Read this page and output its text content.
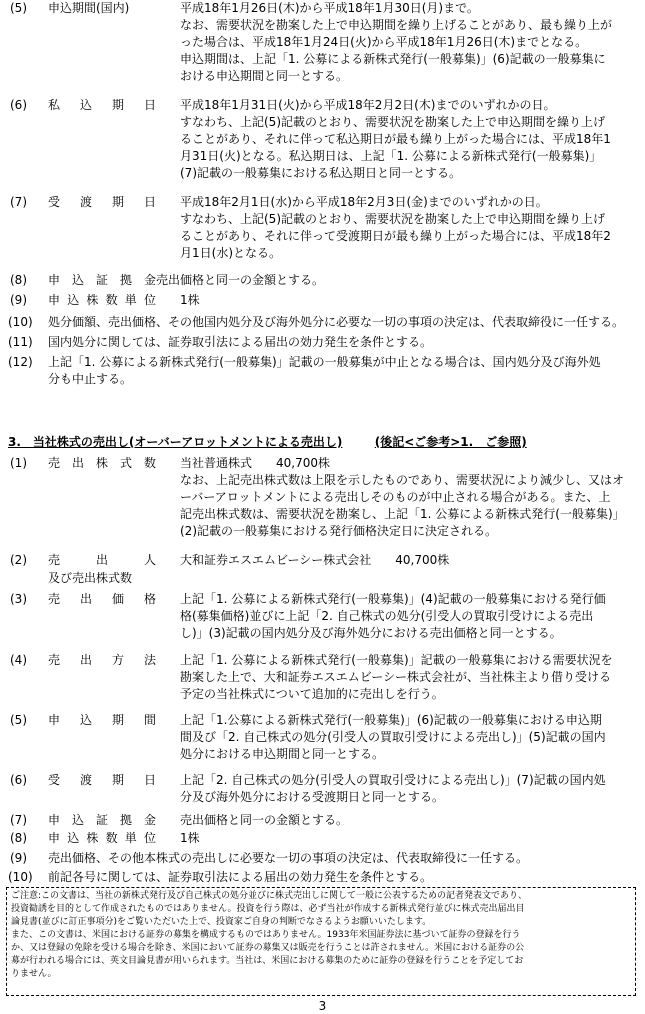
(5) 申込期間(国内)	平成18年1月26日(木)から平成18年1月30日(月)まで。

なお、需要状況を勘案した上で申込期間を繰り上げることがあり、最も繰り上が

った場合は、平成18年1月24日(火)から平成18年1月26日(木)までとなる。

申込期間は、上記「1. 公募による新株式発行(一般募集)」(6)記載の一般募集に

おける申込期間と同一とする。

(6) 私 込 期 日 平成18年1月31日(火)から平成18年2月2日(木)までのいずれかの日。

すなわち、上記(5)記載のとおり、需要状況を勘案した上で申込期間を繰り上げ

ることがあり、それに伴って私込期日が最も繰り上がった場合には、平成18年1

月31日(火)となる。私込期日は、上記「1. 公募による新株式発行(一般募集)」

(7)記載の一般募集における私込期日と同一とする。

(7) 受 渡 期 日 平成18年2月1日(水)から平成18年2月3日(金)までのいずれかの日。

すなわち、上記(5)記載のとおり、需要状況を勘案した上で申込期間を繰り上げ

ることがあり、それに伴って受渡期日が最も繰り上がった場合には、平成18年2

月1日(水)となる。

(8) 申 込 証 拠 金 売出価格と同一の金額とする。

(9) 申 込 株 数 単 位 1株

(10) 処分価額、売出価格、その他国内処分及び海外処分に必要な一切の事項の決定は、代表取締役に一任する。

(11) 国内処分に関しては、証券取引法による届出の効力発生を条件とする。

(12) 上記「1. 公募による新株式発行(一般募集)」記載の一般募集が中止となる場合は、国内処分及び海外処

分も中止する。

3.　当社株式の売出し(オーバーアロットメントによる売出し)	(後記<ご参考>1.　ご参照)
(1) 売 出 株 式 数 当社普通株式　　40,700株

なお、上記売出株式数は上限を示したものであり、需要状況により減少し、又はオ

ーバーアロットメントによる売出しそのものが中止される場合がある。また、上

記売出株式数は、需要状況を勘案し、上記「1. 公募による新株式発行(一般募集)」

(2)記載の一般募集における発行価格決定日に決定される。

(2) 売	出	人
及び売出株式数

大和証券エスエムビーシー株式会社　　40,700株

(3) 売 出 価 格 上記「1. 公募による新株式発行(一般募集)」(4)記載の一般募集における発行価

格(募集価格)並びに上記「2. 自己株式の処分(引受人の買取引受けによる売出

し)」(3)記載の国内処分及び海外処分における売出価格と同一とする。

(4) 売 出 方 法 上記「1. 公募による新株式発行(一般募集)」記載の一般募集における需要状況を

勘案した上で、大和証券エスエムビーシー株式会社が、当社株主より借り受ける

予定の当社株式について追加的に売出しを行う。

(5) 申 込 期 間 上記「1.公募による新株式発行(一般募集)」(6)記載の一般募集における申込期

間及び「2. 自己株式の処分(引受人の買取引受けによる売出し)」(5)記載の国内

処分における申込期間と同一とする。

(6) 受 渡 期 日 上記「2. 自己株式の処分(引受人の買取引受けによる売出し)」(7)記載の国内処

分及び海外処分における受渡期日と同一とする。

(7) 申 込 証 拠 金 売出価格と同一の金額とする。

(8) 申 込 株 数 単 位 1株

(9) 売出価格、その他本株式の売出しに必要な一切の事項の決定は、代表取締役に一任する。

(10) 前記各号に関しては、証券取引法による届出の効力発生を条件とする。

ご注意:この文書は、当社の新株式発行及び自己株式の処分並びに株式売出しに関して一般に公表するための記者発表文であり、

投資勧誘を目的として作成されたものではありません。投資を行う際は、必ず当社が作成する新株式発行並びに株式売出届出目

論見書(並びに訂正事項分)をご覧いただいた上で、投資家ご自身の判断でなさるようお願いいたします。

また、この文書は、米国における証券の募集を構成するものではありません。1933年米国証券法に基づいて証券の登録を行う

か、又は登録の免除を受ける場合を除き、米国において証券の募集又は販売を行うことは許されません。米国における証券の公

募が行われる場合には、英文目論見書が用いられます。当社は、米国における募集のために証券の登録を行うことを予定してお

りません。

3
